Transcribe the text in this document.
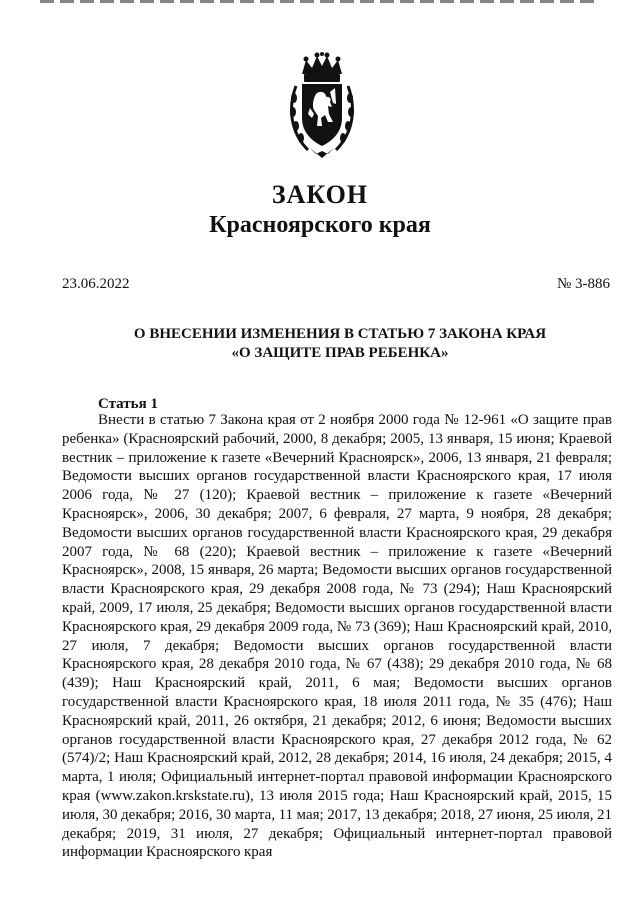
ЗАКОН
Красноярского края
23.06.2022	№ 3-886
О ВНЕСЕНИИ ИЗМЕНЕНИЯ В СТАТЬЮ 7 ЗАКОНА КРАЯ
«О ЗАЩИТЕ ПРАВ РЕБЕНКА»
Статья 1

Внести в статью 7 Закона края от 2 ноября 2000 года № 12-961 «О защите прав ребенка» (Красноярский рабочий, 2000, 8 декабря; 2005, 13 января, 15 июня; Краевой вестник – приложение к газете «Вечерний Красноярск», 2006, 13 января, 21 февраля; Ведомости высших органов государственной власти Красноярского края, 17 июля 2006 года, № 27 (120); Краевой вестник – приложение к газете «Вечерний Красноярск», 2006, 30 декабря; 2007, 6 февраля, 27 марта, 9 ноября, 28 декабря; Ведомости высших органов государственной власти Красноярского края, 29 декабря 2007 года, № 68 (220); Краевой вестник – приложение к газете «Вечерний Красноярск», 2008, 15 января, 26 марта; Ведомости высших органов государственной власти Красноярского края, 29 декабря 2008 года, № 73 (294); Наш Красноярский край, 2009, 17 июля, 25 декабря; Ведомости высших органов государственной власти Красноярского края, 29 декабря 2009 года, № 73 (369); Наш Красноярский край, 2010, 27 июля, 7 декабря; Ведомости высших органов государственной власти Красноярского края, 28 декабря 2010 года, № 67 (438); 29 декабря 2010 года, № 68 (439); Наш Красноярский край, 2011, 6 мая; Ведомости высших органов государственной власти Красноярского края, 18 июля 2011 года, № 35 (476); Наш Красноярский край, 2011, 26 октября, 21 декабря; 2012, 6 июня; Ведомости высших органов государственной власти Красноярского края, 27 декабря 2012 года, № 62 (574)/2; Наш Красноярский край, 2012, 28 декабря; 2014, 16 июля, 24 декабря; 2015, 4 марта, 1 июля; Официальный интернет-портал правовой информации Красноярского края (www.zakon.krskstate.ru), 13 июля 2015 года; Наш Красноярский край, 2015, 15 июля, 30 декабря; 2016, 30 марта, 11 мая; 2017, 13 декабря; 2018, 27 июня, 25 июля, 21 декабря; 2019, 31 июля, 27 декабря; Официальный интернет-портал правовой информации Красноярского края
